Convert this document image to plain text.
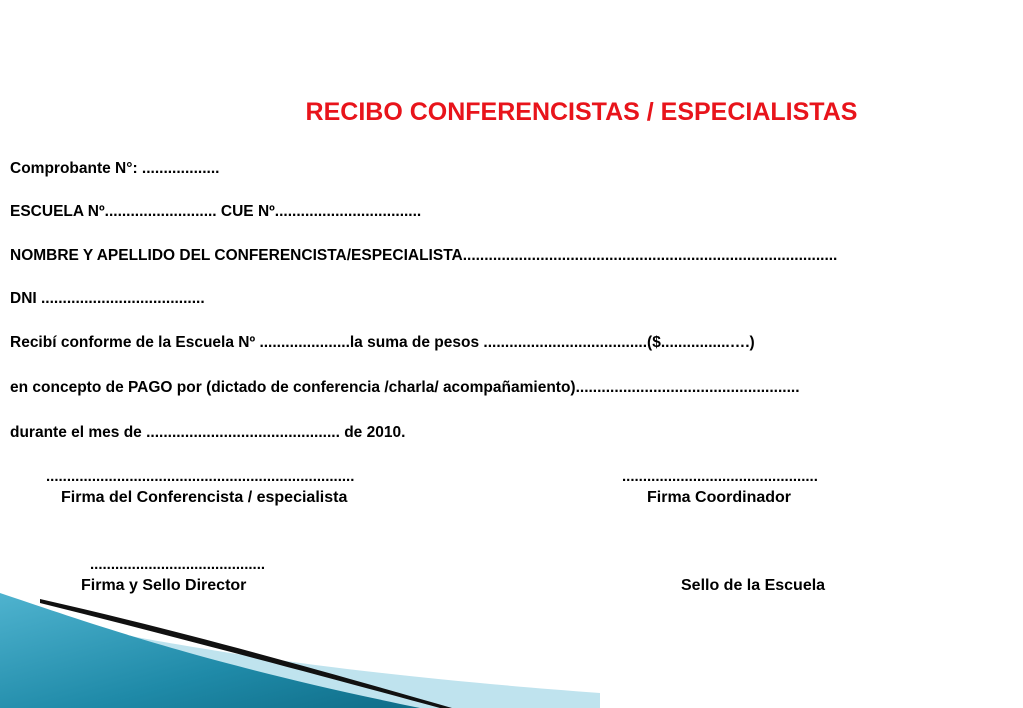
RECIBO CONFERENCISTAS / ESPECIALISTAS
Comprobante N°: ..................
ESCUELA Nº.......................... CUE Nº..................................
NOMBRE Y APELLIDO DEL CONFERENCISTA/ESPECIALISTA.......................................................................................
DNI ......................................
Recibí conforme de la Escuela Nº .....................la suma de pesos ......................................($................….)
en concepto de PAGO por (dictado de conferencia /charla/ acompañamiento)....................................................
durante el mes de ............................................. de 2010.
..........................................................................
Firma del Conferencista / especialista
...............................................
Firma Coordinador
..........................................
Firma y Sello Director	Sello de la Escuela
